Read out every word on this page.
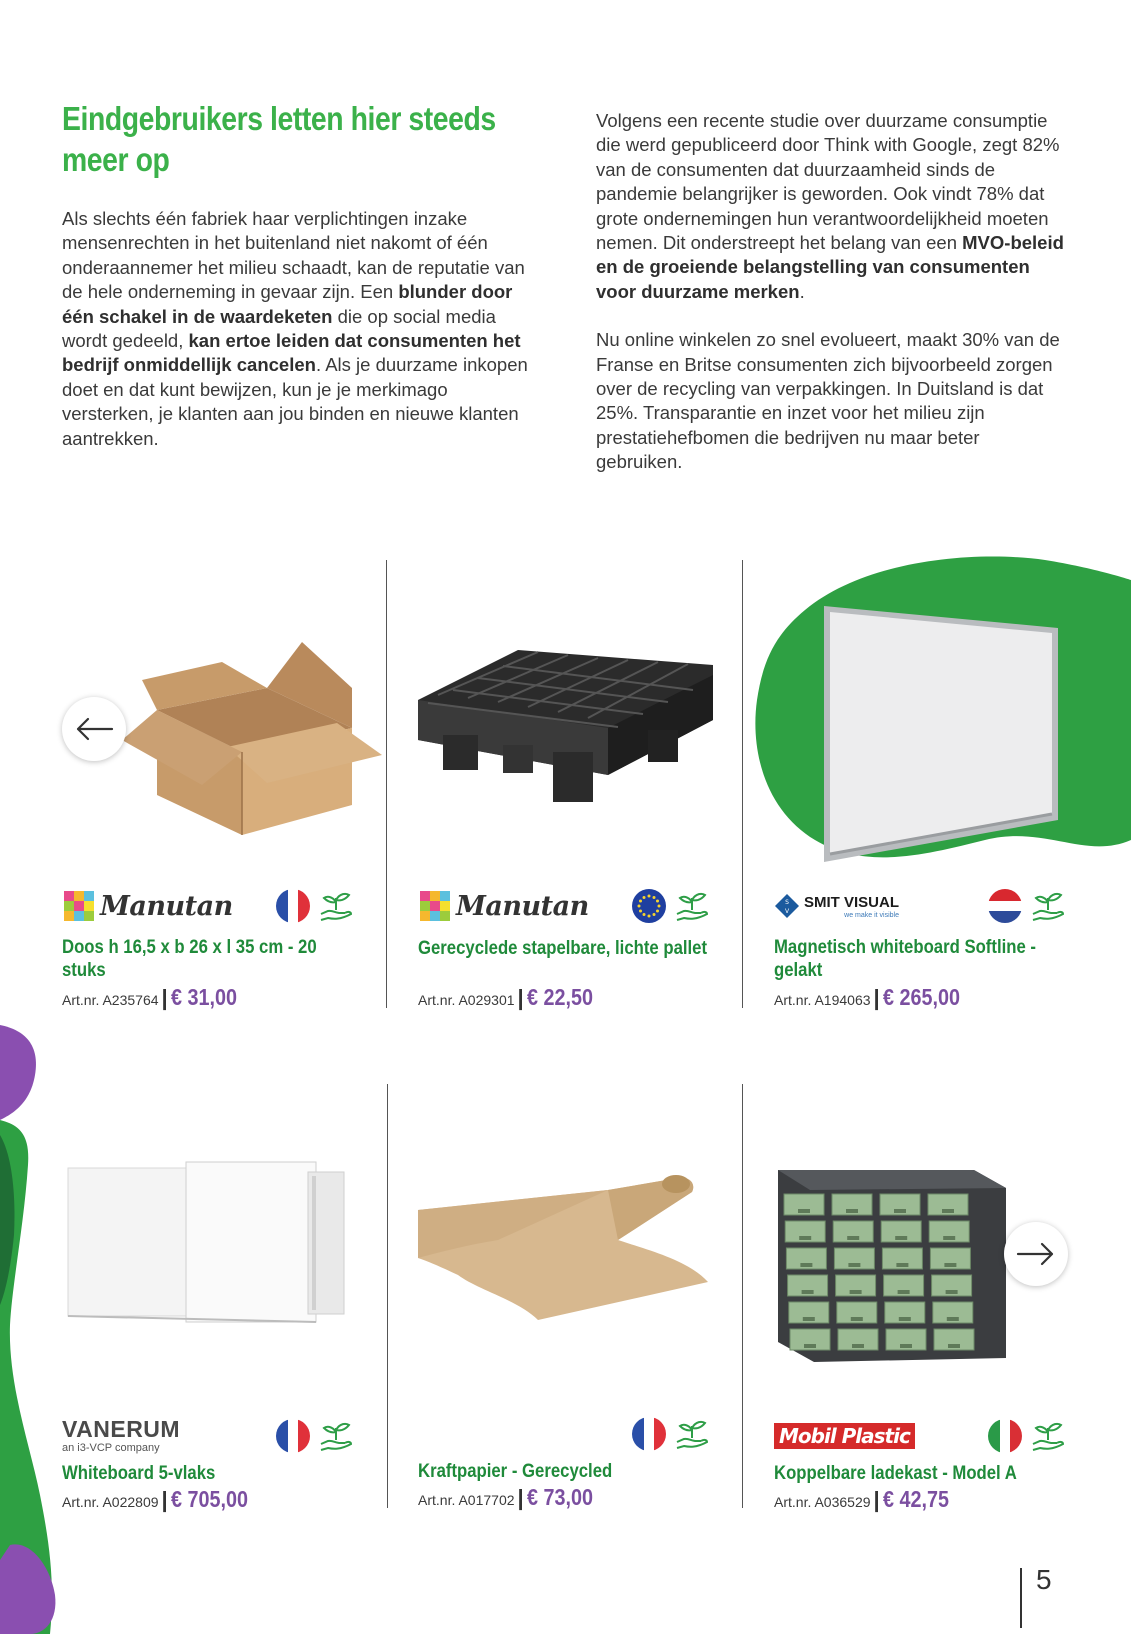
Eindgebruikers letten hier steeds meer op

Als slechts één fabriek haar verplichtingen inzake mensenrechten in het buitenland niet nakomt of één onderaannemer het milieu schaadt, kan de reputatie van de hele onderneming in gevaar zijn. Een blunder door één schakel in de waardeketen die op social media wordt gedeeld, kan ertoe leiden dat consumenten het bedrijf onmiddellijk cancelen. Als je duurzame inkopen doet en dat kunt bewijzen, kun je je merkimago versterken, je klanten aan jou binden en nieuwe klanten aantrekken.

Volgens een recente studie over duurzame consumptie die werd gepubliceerd door Think with Google, zegt 82% van de consumenten dat duurzaamheid sinds de pandemie belangrijker is geworden. Ook vindt 78% dat grote ondernemingen hun verantwoordelijkheid moeten nemen. Dit onderstreept het belang van een MVO-beleid en de groeiende belangstelling van consumenten voor duurzame merken.

Nu online winkelen zo snel evolueert, maakt 30% van de Franse en Britse consumenten zich bijvoorbeeld zorgen over de recycling van verpakkingen. In Duitsland is dat 25%. Transparantie en inzet voor het milieu zijn prestatiehefbomen die bedrijven nu maar beter gebruiken.

Manutan
Doos h 16,5 x b 26 x l 35 cm - 20 stuks
Art.nr. A235764 | € 31,00
Manutan
Gerecyclede stapelbare, lichte pallet
Art.nr. A029301 | € 22,50
S
V
SMIT VISUAL
we make it visible
Magnetisch whiteboard Softline - gelakt
Art.nr. A194063 | € 265,00
VANERUM
an i3-VCP company
Whiteboard 5-vlaks
Art.nr. A022809 | € 705,00
Kraftpapier - Gerecycled
Art.nr. A017702 | € 73,00
Mobil Plastic
Koppelbare ladekast - Model A
Art.nr. A036529 | € 42,75
5
